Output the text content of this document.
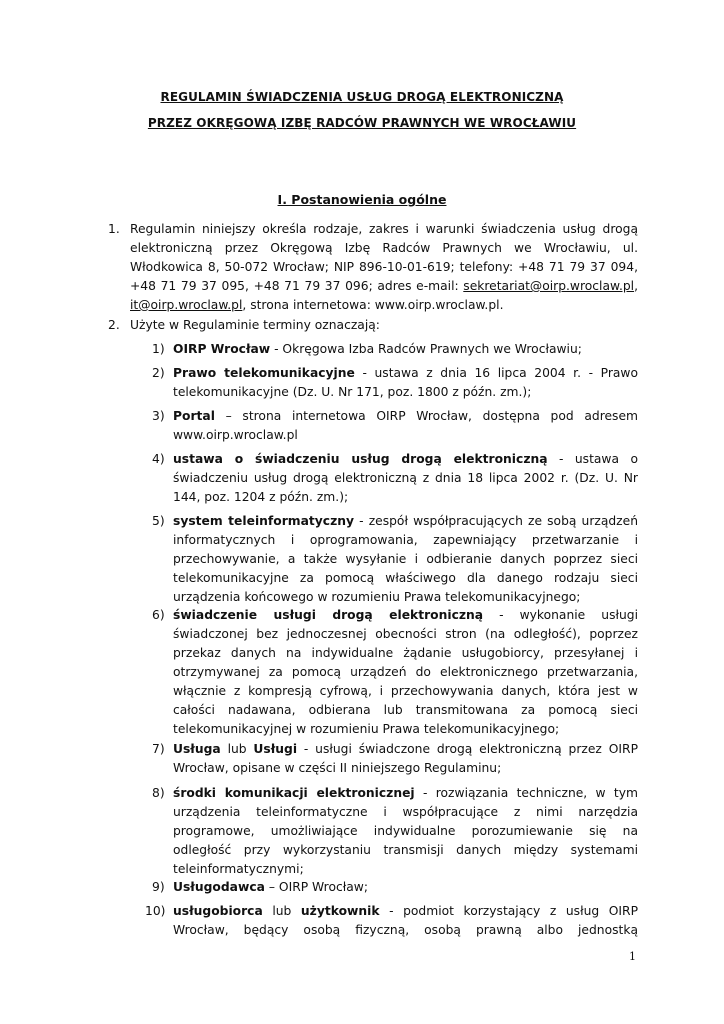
REGULAMIN ŚWIADCZENIA USŁUG DROGĄ ELEKTRONICZNĄ
PRZEZ OKRĘGOWĄ IZBĘ RADCÓW PRAWNYCH WE WROCŁAWIU
I. Postanowienia ogólne
1. Regulamin niniejszy określa rodzaje, zakres i warunki świadczenia usług drogą elektroniczną przez Okręgową Izbę Radców Prawnych we Wrocławiu, ul. Włodkowica 8, 50-072 Wrocław; NIP 896-10-01-619; telefony: +48 71 79 37 094, +48 71 79 37 095, +48 71 79 37 096; adres e-mail: sekretariat@oirp.wroclaw.pl, it@oirp.wroclaw.pl, strona internetowa: www.oirp.wroclaw.pl.
2. Użyte w Regulaminie terminy oznaczają:
1) OIRP Wrocław - Okręgowa Izba Radców Prawnych we Wrocławiu;
2) Prawo telekomunikacyjne - ustawa z dnia 16 lipca 2004 r. - Prawo telekomunikacyjne (Dz. U. Nr 171, poz. 1800 z późn. zm.);
3) Portal – strona internetowa OIRP Wrocław, dostępna pod adresem www.oirp.wroclaw.pl
4) ustawa o świadczeniu usług drogą elektroniczną - ustawa o świadczeniu usług drogą elektroniczną z dnia 18 lipca 2002 r. (Dz. U. Nr 144, poz. 1204 z późn. zm.);
5) system teleinformatyczny - zespół współpracujących ze sobą urządzeń informatycznych i oprogramowania, zapewniający przetwarzanie i przechowywanie, a także wysyłanie i odbieranie danych poprzez sieci telekomunikacyjne za pomocą właściwego dla danego rodzaju sieci urządzenia końcowego w rozumieniu Prawa telekomunikacyjnego;
6) świadczenie usługi drogą elektroniczną - wykonanie usługi świadczonej bez jednoczesnej obecności stron (na odległość), poprzez przekaz danych na indywidualne żądanie usługobiorcy, przesyłanej i otrzymywanej za pomocą urządzeń do elektronicznego przetwarzania, włącznie z kompresją cyfrową, i przechowywania danych, która jest w całości nadawana, odbierana lub transmitowana za pomocą sieci telekomunikacyjnej w rozumieniu Prawa telekomunikacyjnego;
7) Usługa lub Usługi - usługi świadczone drogą elektroniczną przez OIRP Wrocław, opisane w części II niniejszego Regulaminu;
8) środki komunikacji elektronicznej - rozwiązania techniczne, w tym urządzenia teleinformatyczne i współpracujące z nimi narzędzia programowe, umożliwiające indywidualne porozumiewanie się na odległość przy wykorzystaniu transmisji danych między systemami teleinformatycznymi;
9) Usługodawca – OIRP Wrocław;
10) usługobiorca lub użytkownik - podmiot korzystający z usług OIRP Wrocław, będący osobą fizyczną, osobą prawną albo jednostką
1
